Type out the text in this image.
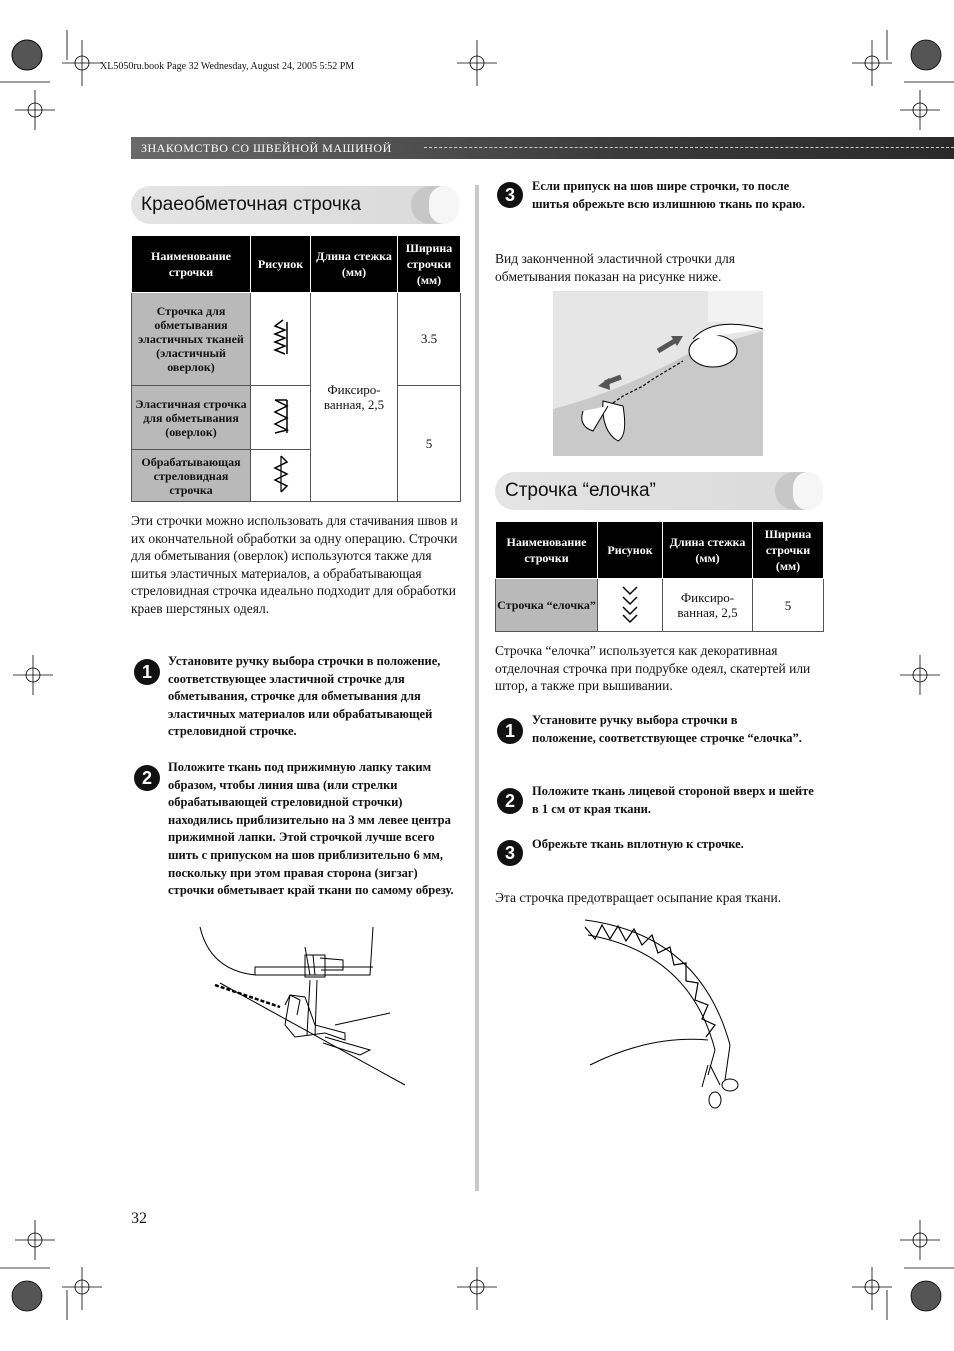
XL5050ru.book Page 32 Wednesday, August 24, 2005 5:52 PM
ЗНАКОМСТВО СО ШВЕЙНОЙ МАШИНОЙ
Краеобметочная строчка
Наименование строчки	Рисунок	Длина стежка (мм)	Ширина строчки (мм)
Строчка для обметывания эластичных тканей (эластичный оверлок)		Фиксиро-ванная, 2,5	3.5
Эластичная строчка для обметывания (оверлок)			5
Обрабатывающая стреловидная строчка	
Эти строчки можно использовать для стачивания швов и их окончательной обработки за одну операцию. Строчки для обметывания (оверлок) используются также для шитья эластичных материалов, а обрабатывающая стреловидная строчка идеально подходит для обработки краев шерстяных одеял.
1
Установите ручку выбора строчки в положение, соответствующее эластичной строчке для обметывания, строчке для обметывания для эластичных материалов или обрабатывающей стреловидной строчке.
2
Положите ткань под прижимную лапку таким образом, чтобы линия шва (или стрелки обрабатывающей стреловидной строчки) находились приблизительно на 3 мм левее центра прижимной лапки. Этой строчкой лучше всего шить с припуском на шов приблизительно 6 мм, поскольку при этом правая сторона (зигзаг) строчки обметывает край ткани по самому обрезу.
3	Если припуск на шов шире строчки, то после шитья обрежьте всю излишнюю ткань по краю.
Вид законченной эластичной строчки для обметывания показан на рисунке ниже.
Строчка “елочка”
Наименование строчки	Рисунок	Длина стежка (мм)	Ширина строчки (мм)
Строчка “елочка”		Фиксиро-ванная, 2,5	5
Строчка “елочка” используется как декоративная отделочная строчка при подрубке одеял, скатертей или штор, а также при вышивании.
1
Установите ручку выбора строчки в положение, соответствующее строчке “елочка”.
2	Положите ткань лицевой стороной вверх и шейте в 1 см от края ткани.
3	Обрежьте ткань вплотную к строчке.
Эта строчка предотвращает осыпание края ткани.
32
